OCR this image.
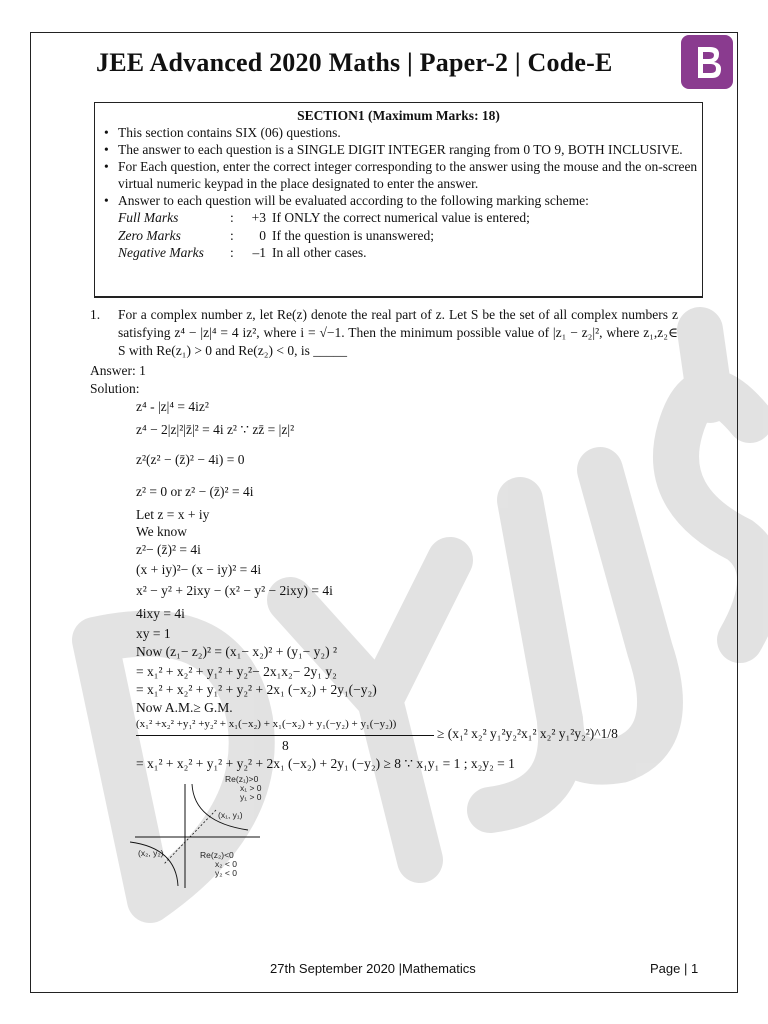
JEE Advanced 2020 Maths | Paper-2 | Code-E
SECTION1 (Maximum Marks: 18)
• This section contains SIX (06) questions.
• The answer to each question is a SINGLE DIGIT INTEGER ranging from 0 TO 9, BOTH INCLUSIVE.
• For Each question, enter the correct integer corresponding to the answer using the mouse and the on-screen virtual numeric keypad in the place designated to enter the answer.
• Answer to each question will be evaluated according to the following marking scheme:
Full Marks	:	+3 If ONLY the correct numerical value is entered;
Zero Marks	:	0 If the question is unanswered;
Negative Marks	:	–1 In all other cases.
1. For a complex number z, let Re(z) denote the real part of z. Let S be the set of all complex numbers z satisfying z⁴ − |z|⁴ = 4 iz², where i = √−1. Then the minimum possible value of |z₁ − z₂|², where z₁,z₂∈ S with Re(z₁) > 0 and Re(z₂) < 0, is _____
Answer: 1
Solution:
z⁴ - |z|⁴ = 4iz²
z⁴ − 2|z|²|z̄|² = 4i z² ∵ zz̄ = |z|²
z²(z² − (z̄)² − 4i) = 0
z² = 0 or z² − (z̄)² = 4i
Let z = x + iy
We know
z²− (z̄)² = 4i
(x + iy)²− (x − iy)² = 4i
x² − y² + 2ixy − (x² − y² − 2ixy) = 4i
4ixy = 4i
xy = 1
Now (z₁− z₂)² = (x₁− x₂)² + (y₁− y₂) ²
= x₁² + x₂² + y₁² + y₂²− 2x₁x₂− 2y₁ y₂
= x₁² + x₂² + y₁² + y₂² + 2x₁ (−x₂) + 2y₁(−y₂)
Now A.M.≥ G.M.
(x₁² +x₂² +y₁² +y₂² + x₁(−x₂) + x₁(−x₂) + y₁(−y₂) + y₁(−y₂))
8
≥ (x₁² x₂² y₁²y₂²x₁² x₂² y₁²y₂²)^1/8
= x₁² + x₂² + y₁² + y₂² + 2x₁ (−x₂) + 2y₁ (−y₂) ≥ 8 ∵ x₁y₁ = 1 ; x₂y₂ = 1
Re(z₁)>0
x₁ > 0
y₁ > 0
(x₁, y₁)
(x₂, y₂)	Re(z₂)<0
x₂ < 0
y₂ < 0
27th September 2020 |Mathematics	Page | 1
